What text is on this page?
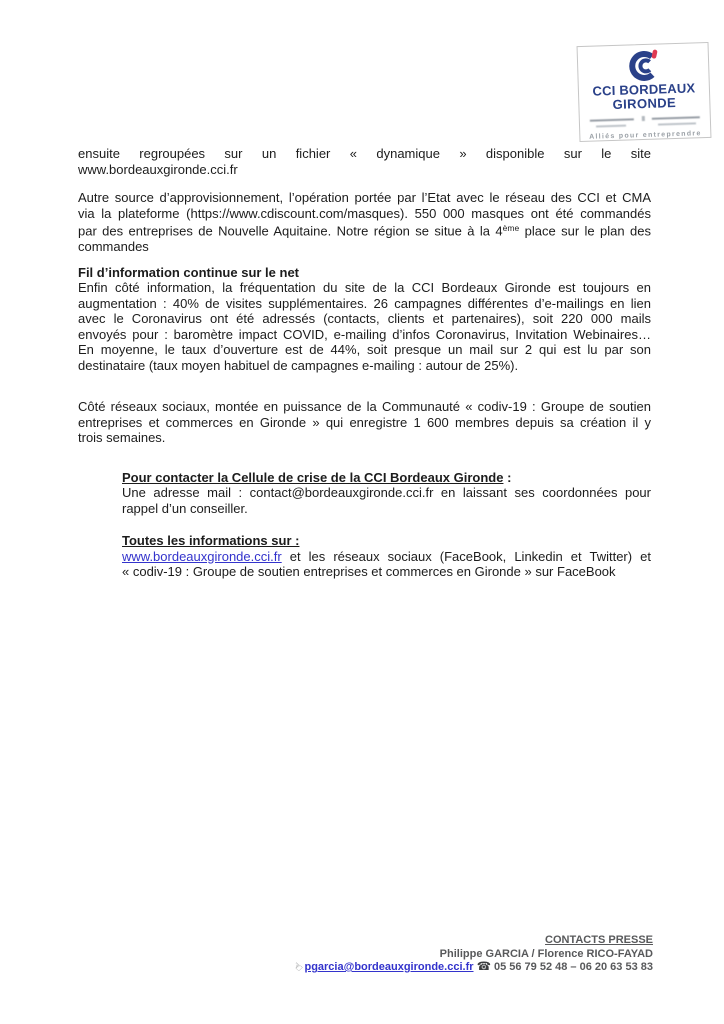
CCI BORDEAUX
GIRONDE
Alliés pour entreprendre
ensuite regroupées sur un fichier « dynamique » disponible sur le site
www.bordeauxgironde.cci.fr
Autre source d’approvisionnement, l’opération portée par l’Etat avec le réseau des CCI et CMA
via la plateforme (https://www.cdiscount.com/masques). 550 000 masques ont été commandés
par des entreprises de Nouvelle Aquitaine. Notre région se situe à la 4ème place sur le plan des
commandes
Fil d’information continue sur le net
Enfin côté information, la fréquentation du site de la CCI Bordeaux Gironde est toujours en
augmentation : 40% de visites supplémentaires. 26 campagnes différentes d’e-mailings en lien
avec le Coronavirus ont été adressés (contacts, clients et partenaires), soit 220 000 mails
envoyés pour : baromètre impact COVID, e-mailing d’infos Coronavirus, Invitation Webinaires…
En moyenne, le taux d’ouverture est de 44%, soit presque un mail sur 2 qui est lu par son
destinataire (taux moyen habituel de campagnes e-mailing : autour de 25%).
Côté réseaux sociaux, montée en puissance de la Communauté « codiv-19 : Groupe de soutien
entreprises et commerces en Gironde » qui enregistre 1 600 membres depuis sa création il y
trois semaines.
Pour contacter la Cellule de crise de la CCI Bordeaux Gironde :
Une adresse mail : contact@bordeauxgironde.cci.fr en laissant ses coordonnées pour
rappel d’un conseiller.
Toutes les informations sur :
www.bordeauxgironde.cci.fr et les réseaux sociaux (FaceBook, Linkedin et Twitter) et
« codiv-19 : Groupe de soutien entreprises et commerces en Gironde » sur FaceBook
CONTACTS PRESSE
Philippe GARCIA / Florence RICO-FAYAD
☜ pgarcia@bordeauxgironde.cci.fr ☎ 05 56 79 52 48 – 06 20 63 53 83
